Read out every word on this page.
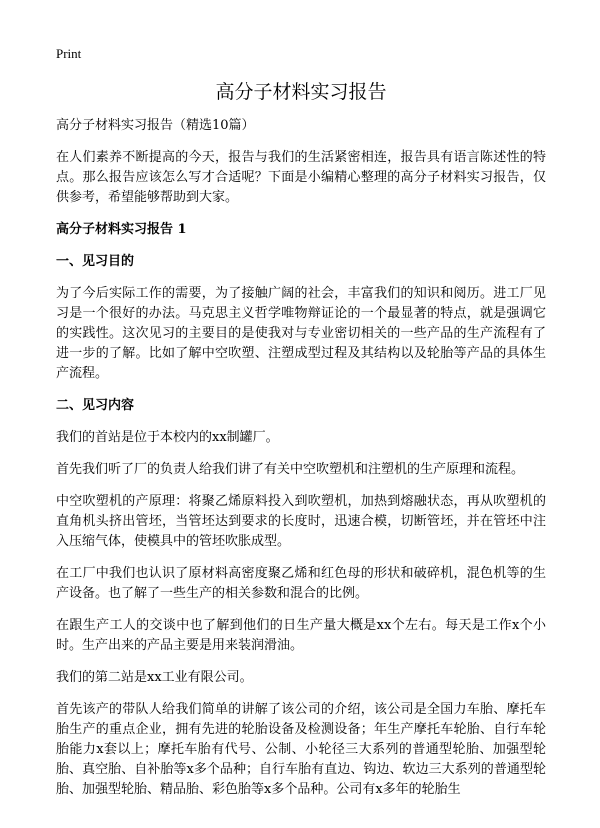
Print
高分子材料实习报告
高分子材料实习报告（精选10篇）

在人们素养不断提高的今天，报告与我们的生活紧密相连，报告具有语言陈述性的特点。那么报告应该怎么写才合适呢？下面是小编精心整理的高分子材料实习报告，仅供参考，希望能够帮助到大家。

高分子材料实习报告 1
一、见习目的

为了今后实际工作的需要，为了接触广阔的社会，丰富我们的知识和阅历。进工厂见习是一个很好的办法。马克思主义哲学唯物辩证论的一个最显著的特点，就是强调它的实践性。这次见习的主要目的是使我对与专业密切相关的一些产品的生产流程有了进一步的了解。比如了解中空吹塑、注塑成型过程及其结构以及轮胎等产品的具体生产流程。

二、见习内容

我们的首站是位于本校内的xx制罐厂。

首先我们听了厂的负责人给我们讲了有关中空吹塑机和注塑机的生产原理和流程。

中空吹塑机的产原理：将聚乙烯原料投入到吹塑机，加热到熔融状态，再从吹塑机的直角机头挤出管坯，当管坯达到要求的长度时，迅速合模，切断管坯，并在管坯中注入压缩气体，使模具中的管坯吹胀成型。

在工厂中我们也认识了原材料高密度聚乙烯和红色母的形状和破碎机，混色机等的生产设备。也了解了一些生产的相关参数和混合的比例。

在跟生产工人的交谈中也了解到他们的日生产量大概是xx个左右。每天是工作x个小时。生产出来的产品主要是用来装润滑油。

我们的第二站是xx工业有限公司。

首先该产的带队人给我们简单的讲解了该公司的介绍，该公司是全国力车胎、摩托车胎生产的重点企业，拥有先进的轮胎设备及检测设备；年生产摩托车轮胎、自行车轮胎能力x套以上；摩托车胎有代号、公制、小轮径三大系列的普通型轮胎、加强型轮胎、真空胎、自补胎等x多个品种；自行车胎有直边、钩边、软边三大系列的普通型轮胎、加强型轮胎、精品胎、彩色胎等x多个品种。公司有x多年的轮胎生
